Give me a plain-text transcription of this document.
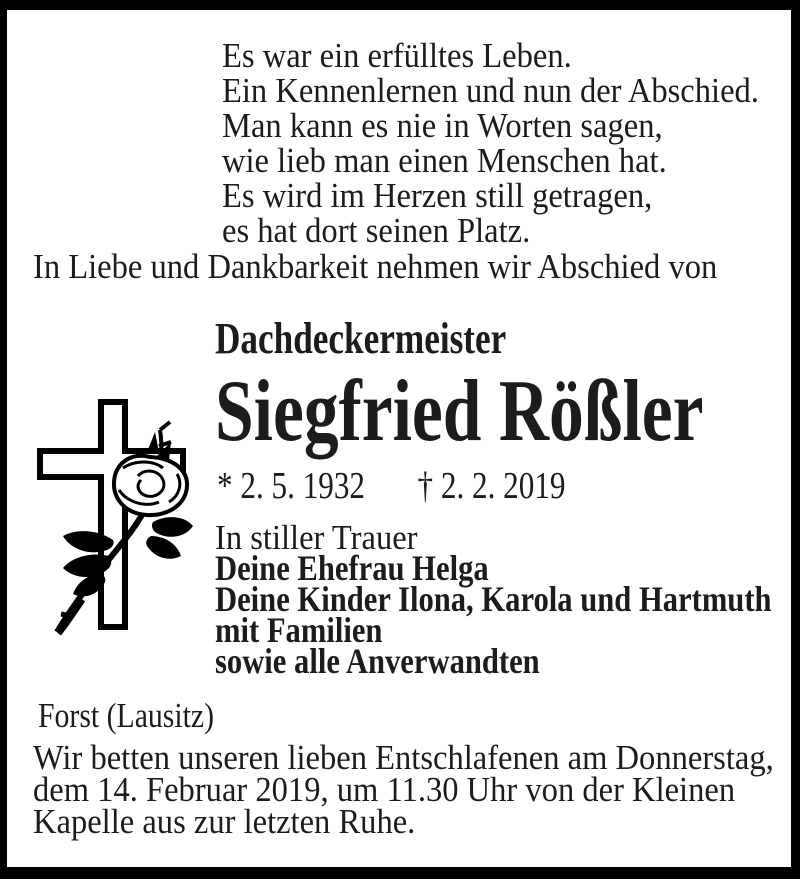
Es war ein erfülltes Leben.
Ein Kennenlernen und nun der Abschied.
Man kann es nie in Worten sagen,
wie lieb man einen Menschen hat.
Es wird im Herzen still getragen,
es hat dort seinen Platz.
In Liebe und Dankbarkeit nehmen wir Abschied von
Dachdeckermeister
Siegfried Rößler
* 2. 5. 1932 † 2. 2. 2019
In stiller Trauer
Deine Ehefrau Helga
Deine Kinder Ilona, Karola und Hartmuth
mit Familien
sowie alle Anverwandten
Forst (Lausitz)
Wir betten unseren lieben Entschlafenen am Donnerstag,
dem 14. Februar 2019, um 11.30 Uhr von der Kleinen
Kapelle aus zur letzten Ruhe.
